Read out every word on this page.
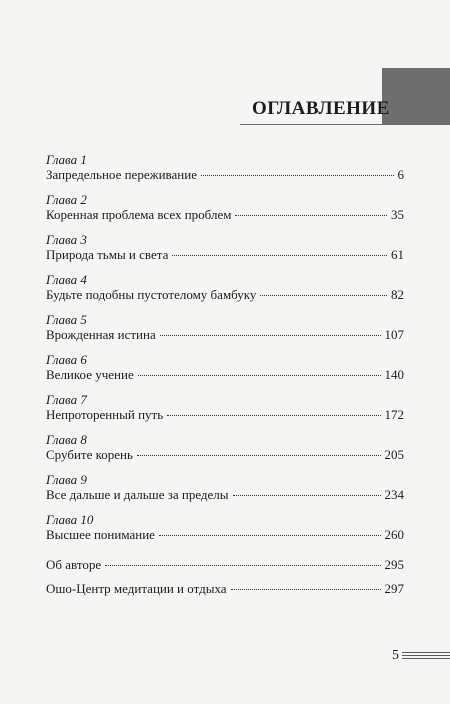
ОГЛАВЛЕНИЕ
Глава 1
Запредельное переживание	6
Глава 2
Коренная проблема всех проблем	35
Глава 3
Природа тьмы и света	61
Глава 4
Будьте подобны пустотелому бамбуку	82
Глава 5
Врожденная истина	107
Глава 6
Великое учение	140
Глава 7
Непроторенный путь	172
Глава 8
Срубите корень	205
Глава 9
Все дальше и дальше за пределы	234
Глава 10
Высшее понимание	260
Об авторе	295
Ошо-Центр медитации и отдыха	297
5
